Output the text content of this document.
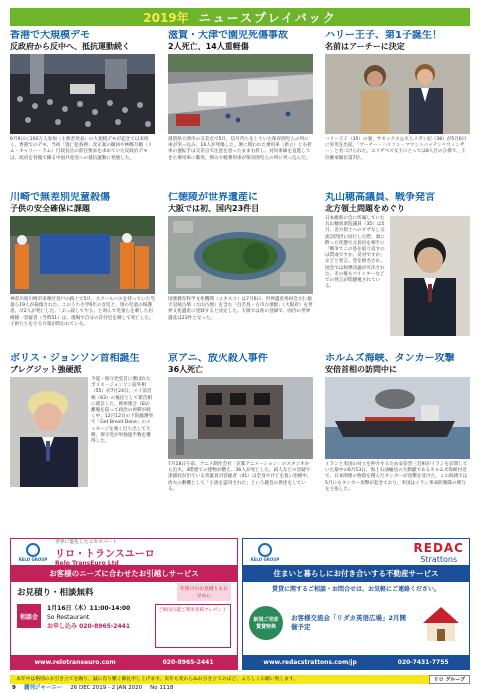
2019年 ニュースプレイバック
香港で大規模デモ
反政府から反中へ、抵抗運動続く
6月9日に100万人参加（主催者発表）の大規模デモが起きて以来続く、香港でのデモ。当初「逃亡犯条例」改正案の撤回や林鄭月娥（リム・キャリー・ラム）行政長官の辞任要求を求めていた反政府デモは、政府を背後で操る中国共産党への抵抗運動に発展した。
滋賀・大津で園児死傷事故
2人死亡、14人重軽傷
滋賀県大津市の交差点で5月、信号待ちをしていた保育園児らの列に車が突っ込み、16人が死傷した。署に問われた乗用車（新立）と右折車の運転手は交差点で注意を怠ったまま右折し、対向車線を直進してきた乗用車に衝突。弾みで軽乗用車が保育園児らの列に突っ込んだ。
ハリー王子、第1子誕生！
名前はアーチーに決定
ハリー王子（35）の妻、サセックス公夫人メガン妃（38）が5月6日に男児を出産。「アーチー・ハリソン・マウントバッテン＝ウィンザー」と名づけられた。エリザベス女王にとっては8人目のひ孫で、王位継承順位第7位。
川崎で無差別児童殺傷
子供の安全確保に課題
神奈川県川崎市多摩区登戸の路上で5月、スクールバスを待っていた児童ら19人が殺傷された。このうち小学6年の女児と、別の児童の保護者、計2人が死亡した。「ぶっ殺してやる」と叫んで児童らを刺した岩崎隆一容疑者（当時51）は、現場で自分の首付近を刺して死亡した。子供たちを守る方策が問われている。
仁徳陵が世界遺産に
大阪では初、国内23件目
国連教育科学文化機関（ユネスコ）は7月6日、世界遺産委員会で仁徳天皇陵古墳（大山古墳）を含む「百舌鳥・古市古墳群」（大阪府）を世界文化遺産に登録すると決定した。大阪では初の登録で、国内の世界遺産は23件となった。
丸山穂高議員、戦争発言
北方領土問題をめぐり
日本維新の会に所属していた丸山穂高衆院議員（35）は5月、北方領土へのビザなし交流訪問団に同行した際、酒に酔った状態で元島民を相手に「戦争でこの島を取り返すのは賛成ですか、反対ですか」などと発言。党を除名され、国会では糾弾決議が可決された。その後もツイッターなどでの発言が問題視されている。
ボリス・ジョンソン首相誕生
ブレグジット強硬派
今夏・保守党党首に選ばれたボリス・ジョンソン前外相（55）が7月24日、メイ前首相（63）の後任として新首相に就任した。欧州連合（EU）離脱を巡って政治の停滞が続く中、12月12日の下院総選挙で「Get Brexit Done」のメッセージを強く打ち出して大勝。保守党が単独過半数を獲得した。
京アニ、放火殺人事件
36人死亡
7月18日午前、アニメ制作会社「京都アニメーション」のスタジオから出火。3階建ての建物が燃え、36人が死亡した。殺人などの容疑で逮捕状が出ている青葉真司容疑者（41）は全身やけどを負い治療中。放火の動機として「小説を盗用された」という趣旨の供述をしている。
ホルムズ海峡、タンカー攻撃
安倍首相の訪問中に
イランと米国の対立を仲介するため安倍晋三首相がイランを訪問していた最中の6月13日、海上石油輸送の大動脈であるホルムズ海峡付近で、日本関連の物資を積んだタンカーが攻撃を受けた。この海域では5月にもタンカー攻撃が起きており、米国はイラン革命防衛隊の関与を主張した。
RELO GROUP
世界に進化したエキスパート
リロ・トランスユーロ
Relo TransEuro Ltd
お客様のニーズに合わせたお引越しサービス
お見積り・相談無料	年明けのお見積りもお早めに
相談会
1月16日（木）11:00-14:00
So Restaurant
お申し込み 020-8965-2441
ご帰国引越ご利用者様ブレゼント
www.relotranseuro.com	020-8965-2441
RELO GROUP
REDAC
Strattons
住まいと暮らしにお付き合いする不動産サービス
賃貸に関するご相談・お問合せは、お気軽にご連絡ください。
新規ご売却 賃貸特典
お客様交流会「リダカ英语広場」2月開催予定
www.redacstrattons.com/jp	020-7431-7755
本年中は格別のお引き立てを賜り、誠に有り難く御礼申し上げます。来年も変わらぬお引き立てのほど、よろしくお願い致します。	リロ グループ
9 週刊ジャーニー 26 DEC 2019 - 2 JAN 2020 No 1118
